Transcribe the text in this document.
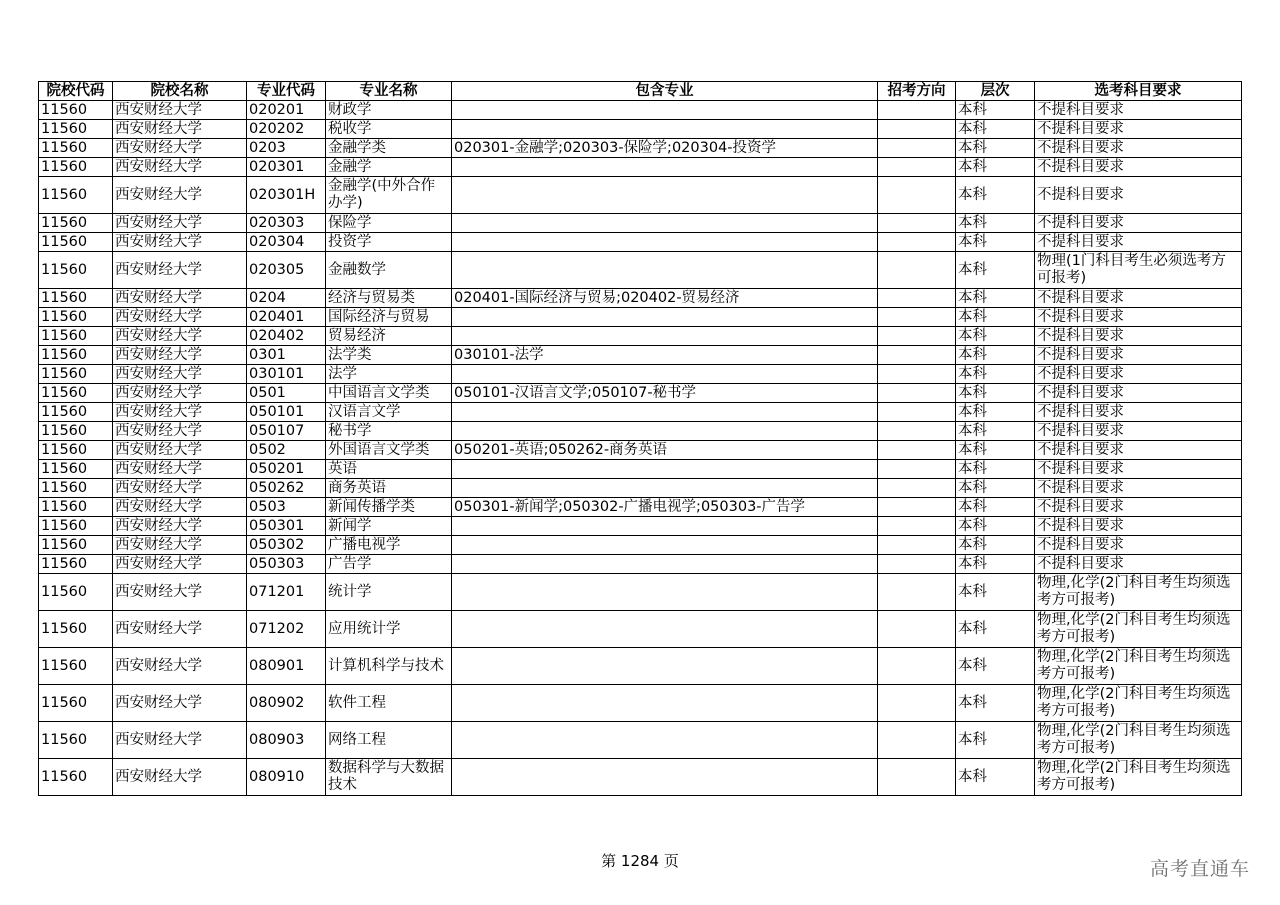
院校代码	院校名称	专业代码	专业名称	包含专业	招考方向	层次	选考科目要求
11560	西安财经大学	020201	财政学			本科	不提科目要求
11560	西安财经大学	020202	税收学			本科	不提科目要求
11560	西安财经大学	0203	金融学类	020301-金融学;020303-保险学;020304-投资学		本科	不提科目要求
11560	西安财经大学	020301	金融学			本科	不提科目要求
11560	西安财经大学	020301H	金融学(中外合作办学)			本科	不提科目要求
11560	西安财经大学	020303	保险学			本科	不提科目要求
11560	西安财经大学	020304	投资学			本科	不提科目要求
11560	西安财经大学	020305	金融数学			本科	物理(1门科目考生必须选考方可报考)
11560	西安财经大学	0204	经济与贸易类	020401-国际经济与贸易;020402-贸易经济		本科	不提科目要求
11560	西安财经大学	020401	国际经济与贸易			本科	不提科目要求
11560	西安财经大学	020402	贸易经济			本科	不提科目要求
11560	西安财经大学	0301	法学类	030101-法学		本科	不提科目要求
11560	西安财经大学	030101	法学			本科	不提科目要求
11560	西安财经大学	0501	中国语言文学类	050101-汉语言文学;050107-秘书学		本科	不提科目要求
11560	西安财经大学	050101	汉语言文学			本科	不提科目要求
11560	西安财经大学	050107	秘书学			本科	不提科目要求
11560	西安财经大学	0502	外国语言文学类	050201-英语;050262-商务英语		本科	不提科目要求
11560	西安财经大学	050201	英语			本科	不提科目要求
11560	西安财经大学	050262	商务英语			本科	不提科目要求
11560	西安财经大学	0503	新闻传播学类	050301-新闻学;050302-广播电视学;050303-广告学		本科	不提科目要求
11560	西安财经大学	050301	新闻学			本科	不提科目要求
11560	西安财经大学	050302	广播电视学			本科	不提科目要求
11560	西安财经大学	050303	广告学			本科	不提科目要求
11560	西安财经大学	071201	统计学			本科	物理,化学(2门科目考生均须选考方可报考)
11560	西安财经大学	071202	应用统计学			本科	物理,化学(2门科目考生均须选考方可报考)
11560	西安财经大学	080901	计算机科学与技术			本科	物理,化学(2门科目考生均须选考方可报考)
11560	西安财经大学	080902	软件工程			本科	物理,化学(2门科目考生均须选考方可报考)
11560	西安财经大学	080903	网络工程			本科	物理,化学(2门科目考生均须选考方可报考)
11560	西安财经大学	080910	数据科学与大数据技术			本科	物理,化学(2门科目考生均须选考方可报考)
第 1284 页	高考直通车
